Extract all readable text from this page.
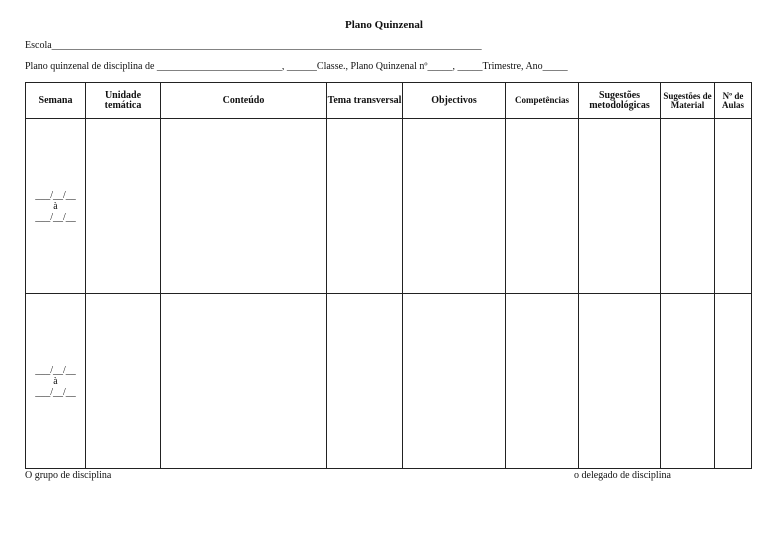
Plano Quinzenal
Escola______________________________________________________________________________________
Plano quinzenal de disciplina de _________________________, ______Classe., Plano Quinzenal nº_____, _____Trimestre, Ano_____
Semana	Unidade temática	Conteúdo	Tema transversal	Objectivos	Competências	Sugestões metodológicas	Sugestões de Material	Nº de Aulas

___/__/__
à
___/__/__								

___/__/__
à
___/__/__								

O grupo de disciplina	o delegado de disciplina
